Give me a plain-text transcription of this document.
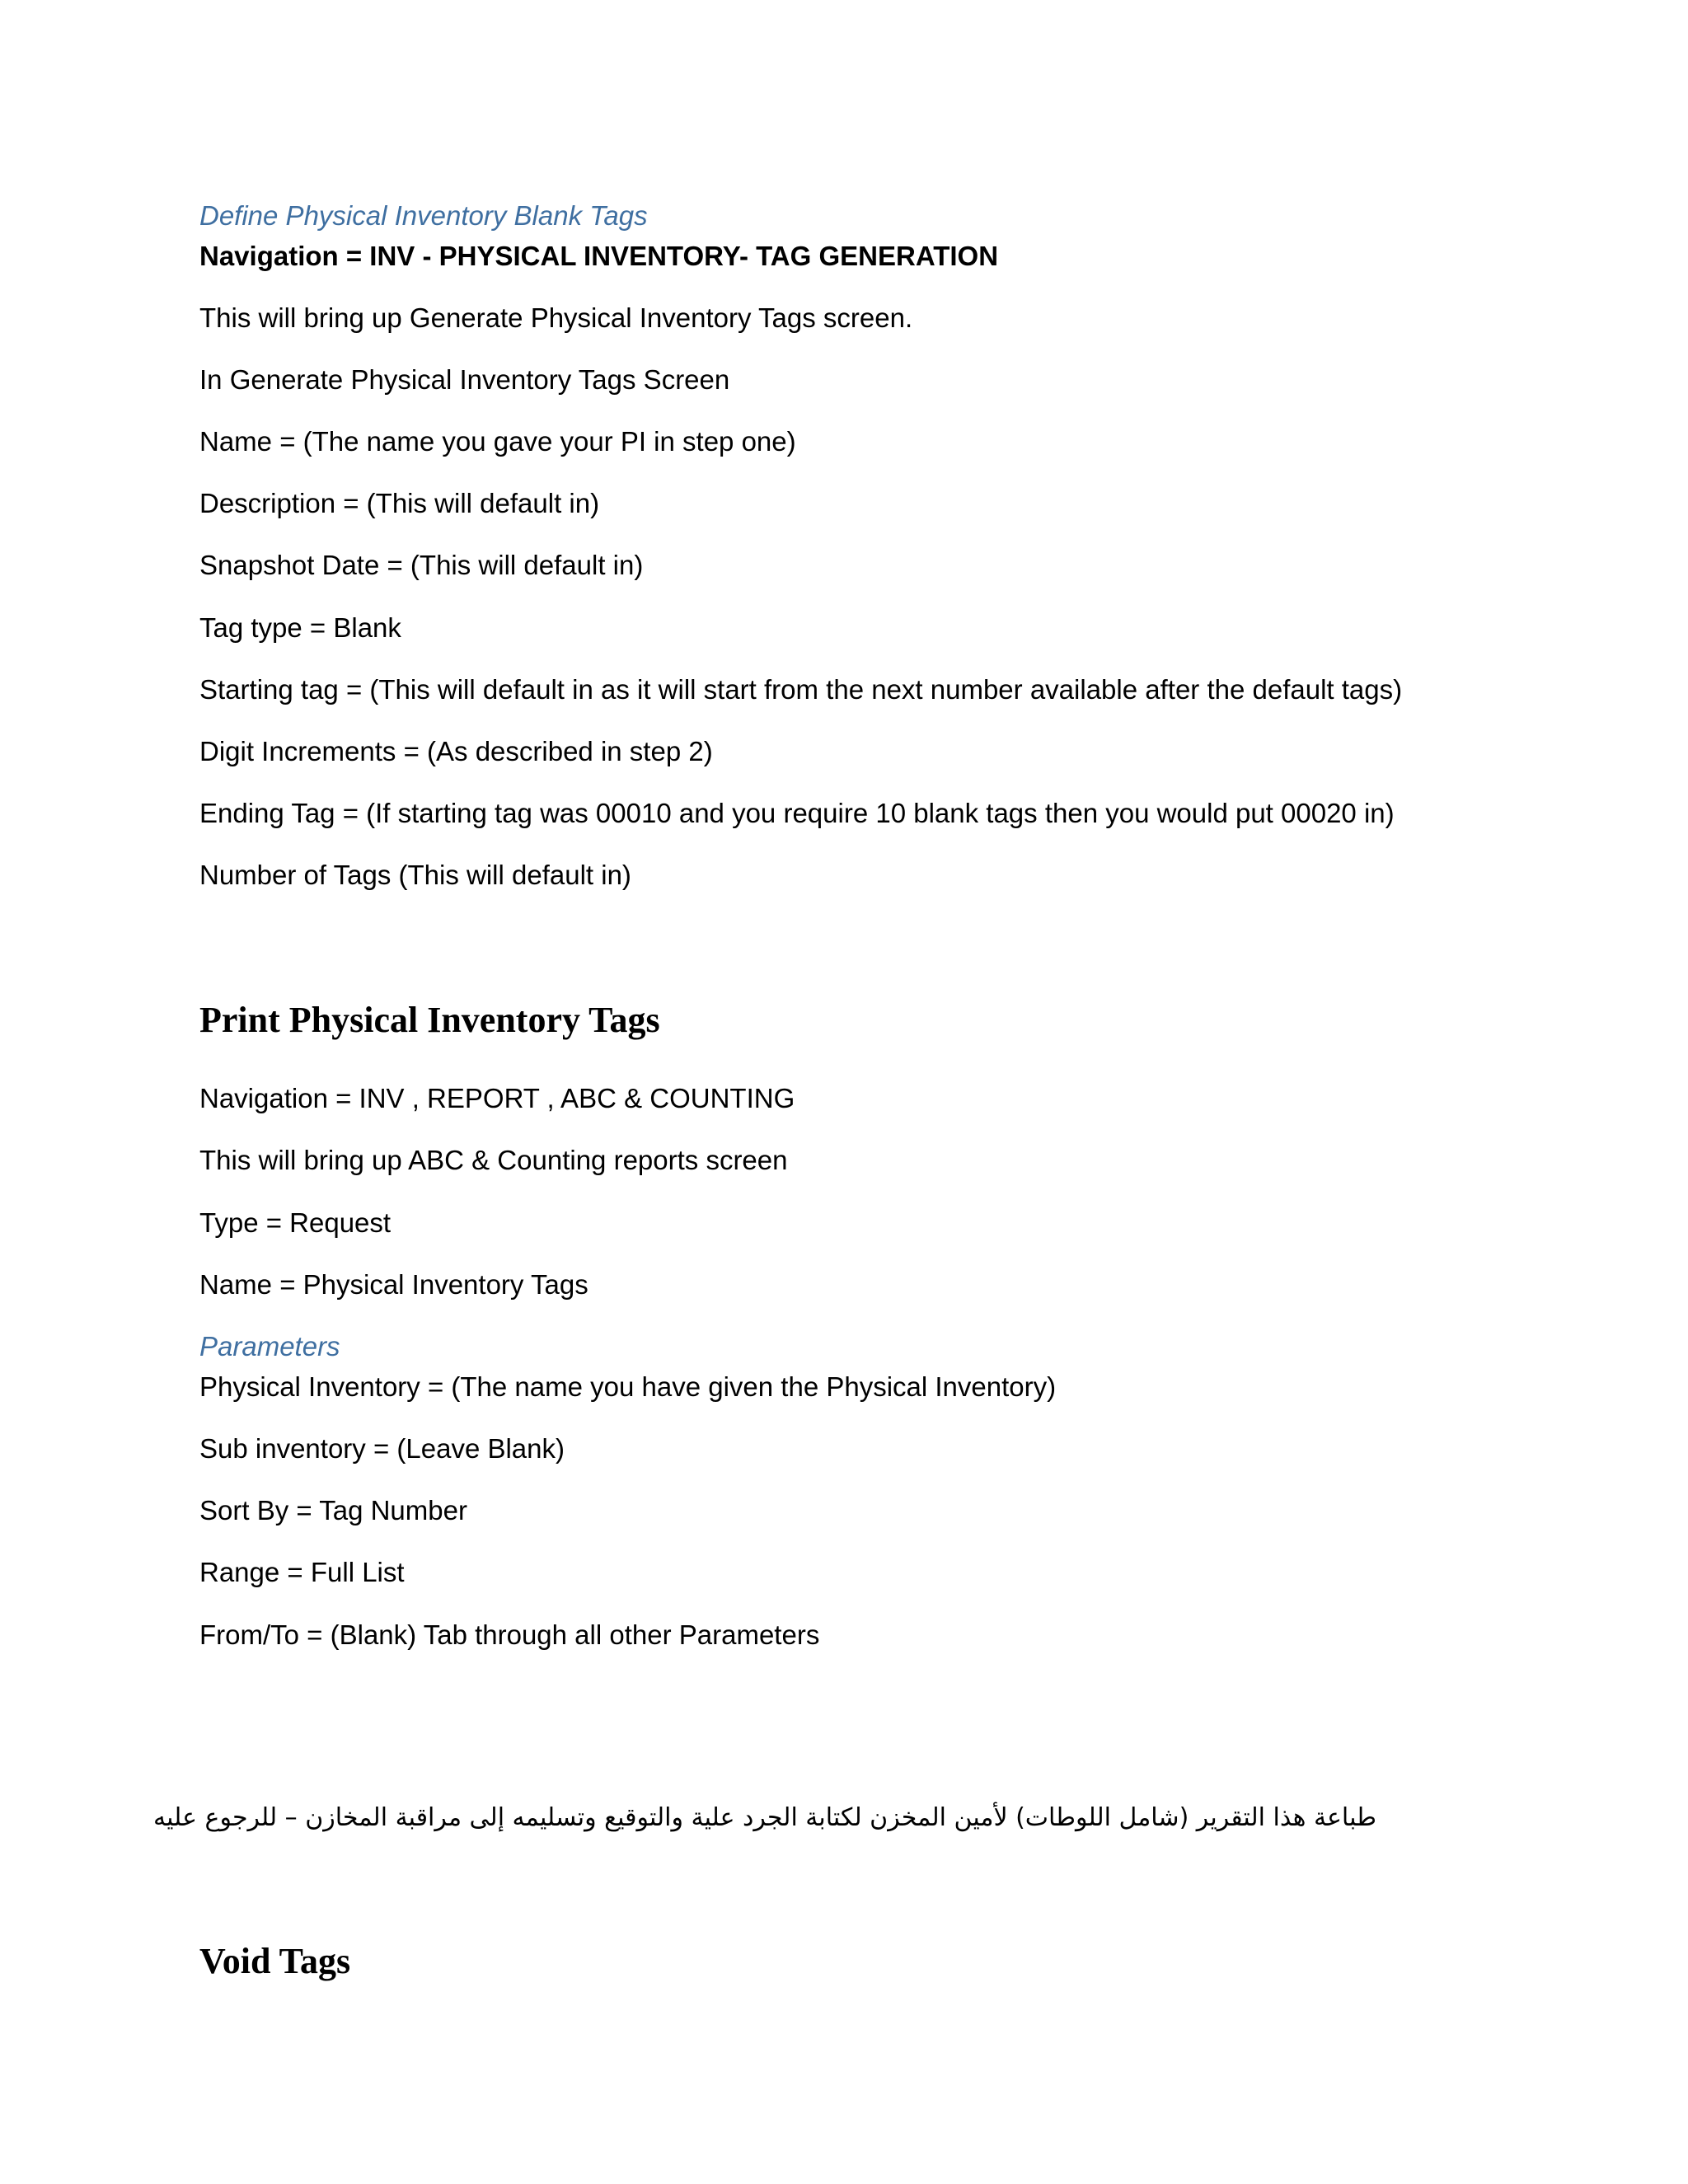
Define Physical Inventory Blank Tags
Navigation = INV - PHYSICAL INVENTORY- TAG GENERATION
This will bring up Generate Physical Inventory Tags screen.
In Generate Physical Inventory Tags Screen
Name = (The name you gave your PI in step one)
Description = (This will default in)
Snapshot Date = (This will default in)
Tag type = Blank
Starting tag = (This will default in as it will start from the next number available after the default tags)
Digit Increments = (As described in step 2)
Ending Tag = (If starting tag was 00010 and you require 10 blank tags then you would put 00020 in)
Number of Tags (This will default in)
Print Physical Inventory Tags
Navigation = INV , REPORT , ABC & COUNTING
This will bring up ABC & Counting reports screen
Type = Request
Name = Physical Inventory Tags
Parameters
Physical Inventory = (The name you have given the Physical Inventory)
Sub inventory = (Leave Blank)
Sort By = Tag Number
Range = Full List
From/To = (Blank) Tab through all other Parameters
طباعة هذا التقرير (شامل اللوطات) لأمين المخزن لكتابة الجرد علية والتوقيع وتسليمه إلى مراقبة المخازن – للرجوع عليه
Void Tags
